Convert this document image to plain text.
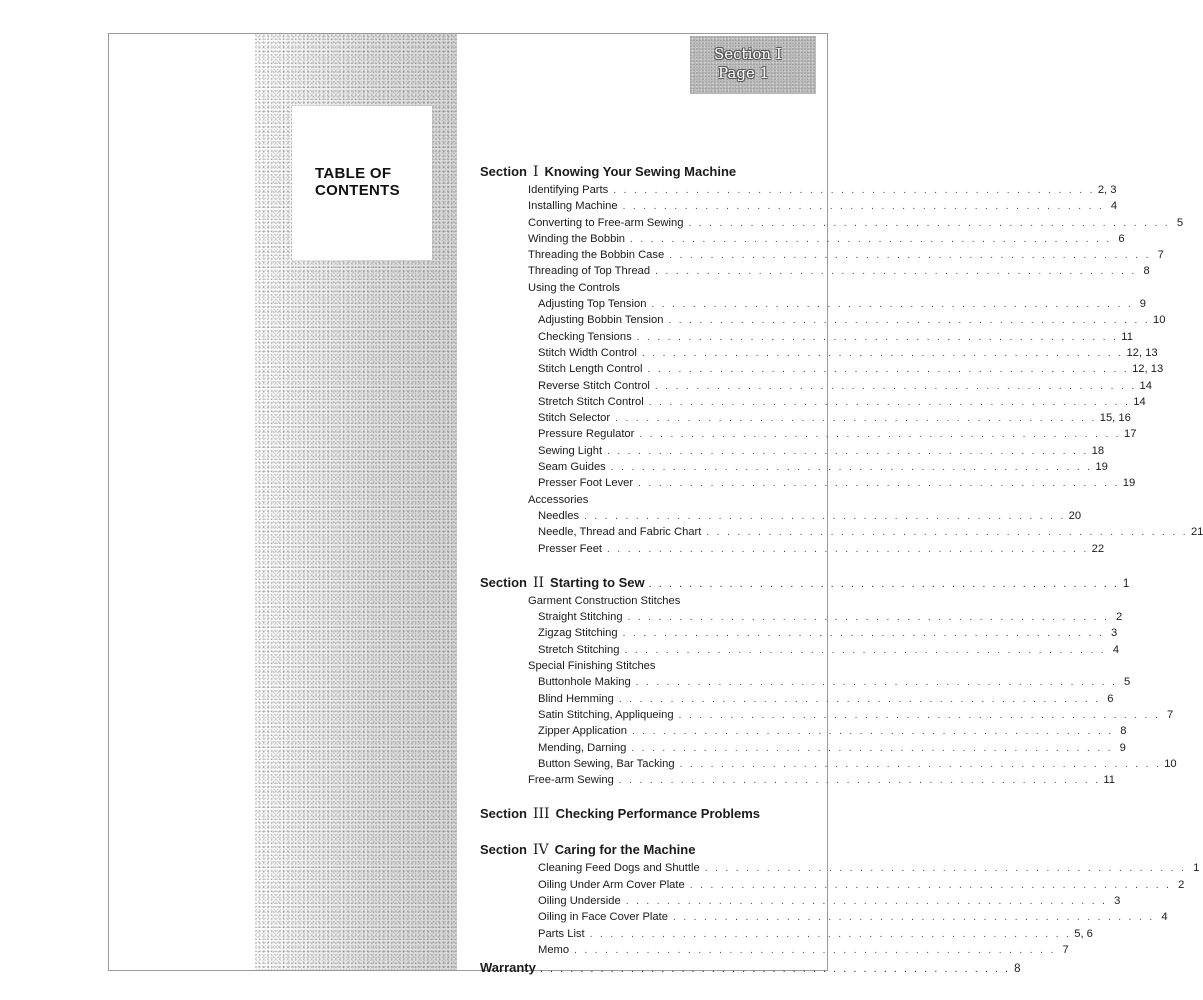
TABLE OF
CONTENTS
Section I
Page 1
Section I Knowing Your Sewing Machine
Identifying Parts . . . . . . . . . . . . . . . . . . . . . . . . . . . . . . . . . . . . . . . . . . . . . . . 2, 3
Installing Machine . . . . . . . . . . . . . . . . . . . . . . . . . . . . . . . . . . . . . . . . . . . . . . . 4
Converting to Free-arm Sewing . . . . . . . . . . . . . . . . . . . . . . . . . . . . . . . . . . . . . . . . . . . . . . . 5
Winding the Bobbin . . . . . . . . . . . . . . . . . . . . . . . . . . . . . . . . . . . . . . . . . . . . . . . 6
Threading the Bobbin Case . . . . . . . . . . . . . . . . . . . . . . . . . . . . . . . . . . . . . . . . . . . . . . . 7
Threading of Top Thread . . . . . . . . . . . . . . . . . . . . . . . . . . . . . . . . . . . . . . . . . . . . . . . 8
Using the Controls
Adjusting Top Tension . . . . . . . . . . . . . . . . . . . . . . . . . . . . . . . . . . . . . . . . . . . . . . . 9
Adjusting Bobbin Tension . . . . . . . . . . . . . . . . . . . . . . . . . . . . . . . . . . . . . . . . . . . . . . . 10
Checking Tensions . . . . . . . . . . . . . . . . . . . . . . . . . . . . . . . . . . . . . . . . . . . . . . . 11
Stitch Width Control . . . . . . . . . . . . . . . . . . . . . . . . . . . . . . . . . . . . . . . . . . . . . . . 12, 13
Stitch Length Control . . . . . . . . . . . . . . . . . . . . . . . . . . . . . . . . . . . . . . . . . . . . . . . 12, 13
Reverse Stitch Control . . . . . . . . . . . . . . . . . . . . . . . . . . . . . . . . . . . . . . . . . . . . . . . 14
Stretch Stitch Control . . . . . . . . . . . . . . . . . . . . . . . . . . . . . . . . . . . . . . . . . . . . . . . 14
Stitch Selector . . . . . . . . . . . . . . . . . . . . . . . . . . . . . . . . . . . . . . . . . . . . . . . 15, 16
Pressure Regulator . . . . . . . . . . . . . . . . . . . . . . . . . . . . . . . . . . . . . . . . . . . . . . . 17
Sewing Light . . . . . . . . . . . . . . . . . . . . . . . . . . . . . . . . . . . . . . . . . . . . . . . 18
Seam Guides . . . . . . . . . . . . . . . . . . . . . . . . . . . . . . . . . . . . . . . . . . . . . . . 19
Presser Foot Lever . . . . . . . . . . . . . . . . . . . . . . . . . . . . . . . . . . . . . . . . . . . . . . . 19
Accessories
Needles . . . . . . . . . . . . . . . . . . . . . . . . . . . . . . . . . . . . . . . . . . . . . . . 20
Needle, Thread and Fabric Chart . . . . . . . . . . . . . . . . . . . . . . . . . . . . . . . . . . . . . . . . . . . . . . . 21
Presser Feet . . . . . . . . . . . . . . . . . . . . . . . . . . . . . . . . . . . . . . . . . . . . . . . 22
Section II Starting to Sew . . . . . . . . . . . . . . . . . . . . . . . . . . . . . . . . . . . . . . . . . . . . . . . 1
Garment Construction Stitches
Straight Stitching . . . . . . . . . . . . . . . . . . . . . . . . . . . . . . . . . . . . . . . . . . . . . . . 2
Zigzag Stitching . . . . . . . . . . . . . . . . . . . . . . . . . . . . . . . . . . . . . . . . . . . . . . . 3
Stretch Stitching . . . . . . . . . . . . . . . . . . . . . . . . . . . . . . . . . . . . . . . . . . . . . . . 4
Special Finishing Stitches
Buttonhole Making . . . . . . . . . . . . . . . . . . . . . . . . . . . . . . . . . . . . . . . . . . . . . . . 5
Blind Hemming . . . . . . . . . . . . . . . . . . . . . . . . . . . . . . . . . . . . . . . . . . . . . . . 6
Satin Stitching, Appliqueing . . . . . . . . . . . . . . . . . . . . . . . . . . . . . . . . . . . . . . . . . . . . . . . 7
Zipper Application . . . . . . . . . . . . . . . . . . . . . . . . . . . . . . . . . . . . . . . . . . . . . . . 8
Mending, Darning . . . . . . . . . . . . . . . . . . . . . . . . . . . . . . . . . . . . . . . . . . . . . . . 9
Button Sewing, Bar Tacking . . . . . . . . . . . . . . . . . . . . . . . . . . . . . . . . . . . . . . . . . . . . . . . 10
Free-arm Sewing . . . . . . . . . . . . . . . . . . . . . . . . . . . . . . . . . . . . . . . . . . . . . . . 11
Section III Checking Performance Problems
Section IV Caring for the Machine
Cleaning Feed Dogs and Shuttle . . . . . . . . . . . . . . . . . . . . . . . . . . . . . . . . . . . . . . . . . . . . . . . 1
Oiling Under Arm Cover Plate . . . . . . . . . . . . . . . . . . . . . . . . . . . . . . . . . . . . . . . . . . . . . . . 2
Oiling Underside . . . . . . . . . . . . . . . . . . . . . . . . . . . . . . . . . . . . . . . . . . . . . . . 3
Oiling in Face Cover Plate . . . . . . . . . . . . . . . . . . . . . . . . . . . . . . . . . . . . . . . . . . . . . . . 4
Parts List . . . . . . . . . . . . . . . . . . . . . . . . . . . . . . . . . . . . . . . . . . . . . . . 5, 6
Memo . . . . . . . . . . . . . . . . . . . . . . . . . . . . . . . . . . . . . . . . . . . . . . . 7
Warranty . . . . . . . . . . . . . . . . . . . . . . . . . . . . . . . . . . . . . . . . . . . . . . . 8
